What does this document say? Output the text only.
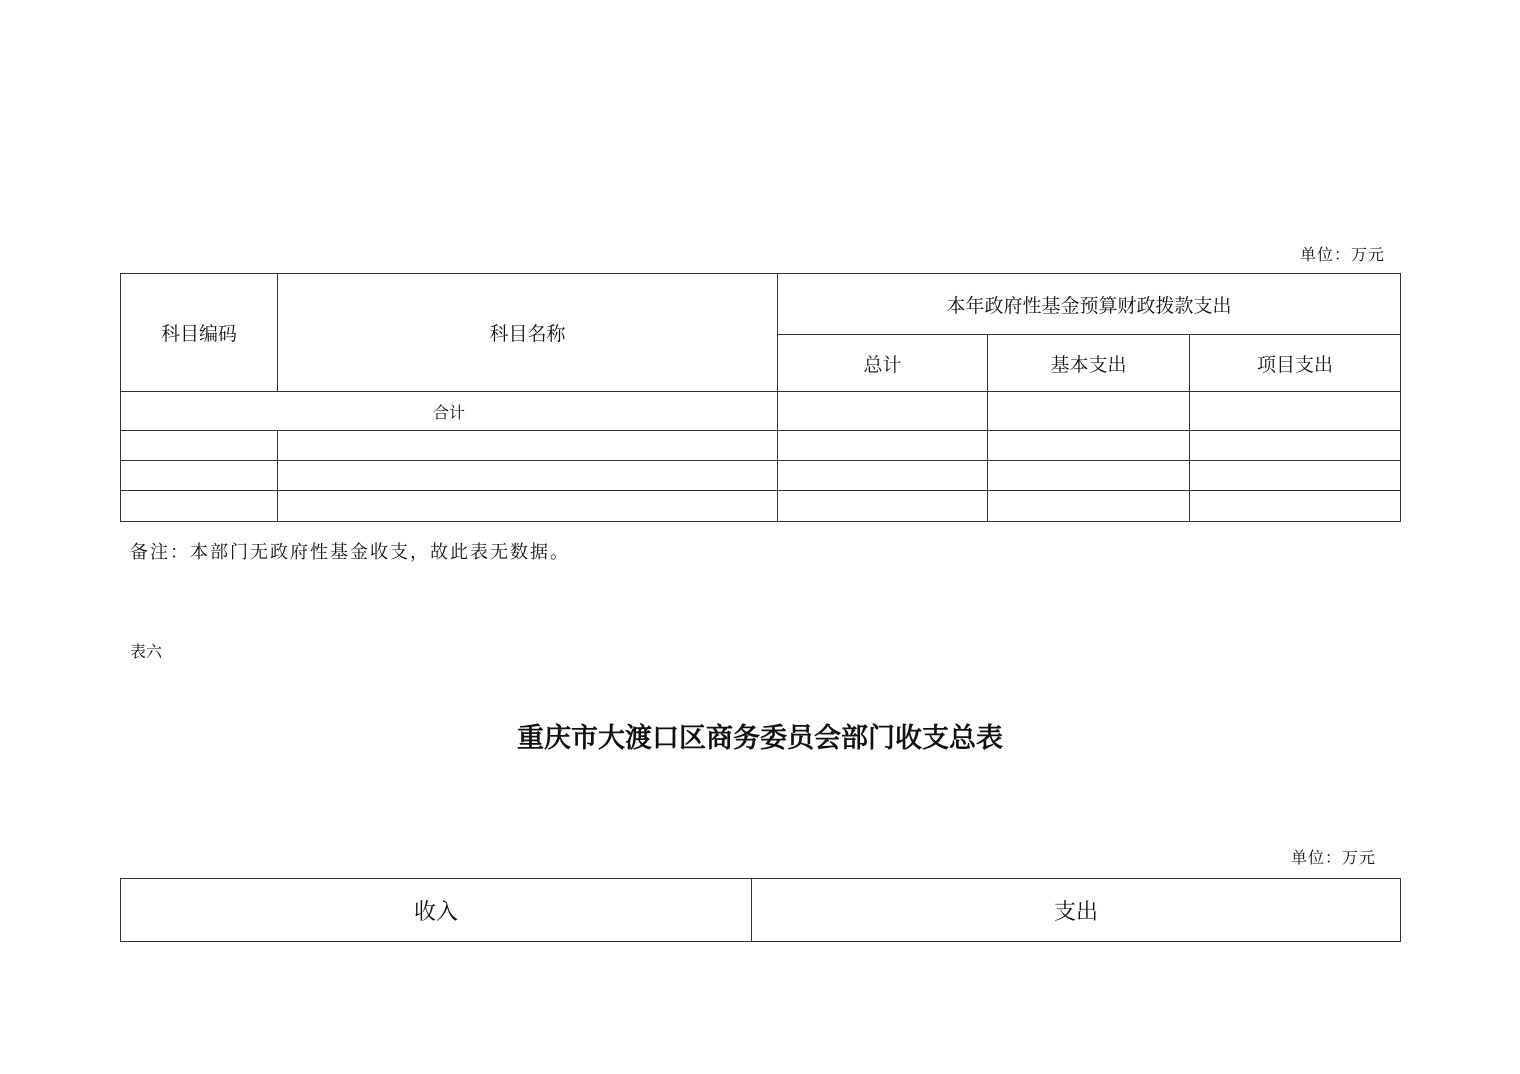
单位：万元
科目编码	科目名称	本年政府性基金预算财政拨款支出		
		总计	基本支出	项目支出
合计				

备注：本部门无政府性基金收支，故此表无数据。
表六
重庆市大渡口区商务委员会部门收支总表
单位：万元
收入	支出
